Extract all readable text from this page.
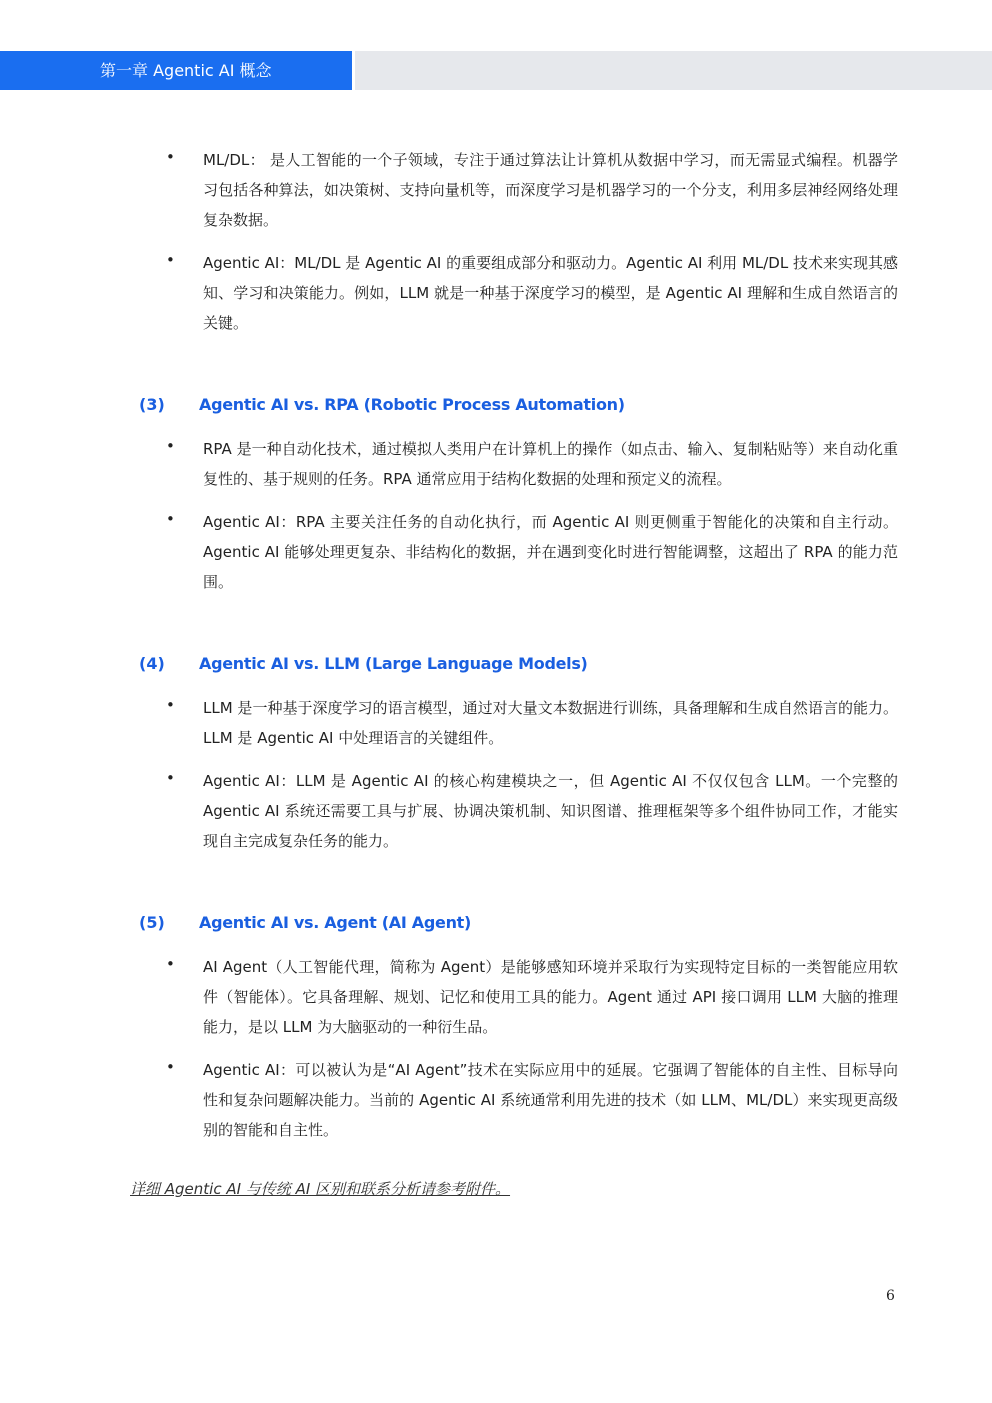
第一章 Agentic AI 概念
• ML/DL： 是人工智能的一个子领域，专注于通过算法让计算机从数据中学习，而无需显式编程。机器学习包括各种算法，如决策树、支持向量机等，而深度学习是机器学习的一个分支，利用多层神经网络处理复杂数据。
• Agentic AI：ML/DL 是 Agentic AI 的重要组成部分和驱动力。Agentic AI 利用 ML/DL 技术来实现其感知、学习和决策能力。例如，LLM 就是一种基于深度学习的模型，是 Agentic AI 理解和生成自然语言的关键。
(3) Agentic AI vs. RPA (Robotic Process Automation)
• RPA 是一种自动化技术，通过模拟人类用户在计算机上的操作（如点击、输入、复制粘贴等）来自动化重复性的、基于规则的任务。RPA 通常应用于结构化数据的处理和预定义的流程。
• Agentic AI：RPA 主要关注任务的自动化执行，而 Agentic AI 则更侧重于智能化的决策和自主行动。Agentic AI 能够处理更复杂、非结构化的数据，并在遇到变化时进行智能调整，这超出了 RPA 的能力范围。
(4) Agentic AI vs. LLM (Large Language Models)
• LLM 是一种基于深度学习的语言模型，通过对大量文本数据进行训练，具备理解和生成自然语言的能力。LLM 是 Agentic AI 中处理语言的关键组件。
• Agentic AI：LLM 是 Agentic AI 的核心构建模块之一，但 Agentic AI 不仅仅包含 LLM。一个完整的 Agentic AI 系统还需要工具与扩展、协调决策机制、知识图谱、推理框架等多个组件协同工作，才能实现自主完成复杂任务的能力。
(5) Agentic AI vs. Agent (AI Agent)
• AI Agent（人工智能代理，简称为 Agent）是能够感知环境并采取行为实现特定目标的一类智能应用软件（智能体）。它具备理解、规划、记忆和使用工具的能力。Agent 通过 API 接口调用 LLM 大脑的推理能力，是以 LLM 为大脑驱动的一种衍生品。
• Agentic AI：可以被认为是“AI Agent”技术在实际应用中的延展。它强调了智能体的自主性、目标导向性和复杂问题解决能力。当前的 Agentic AI 系统通常利用先进的技术（如 LLM、ML/DL）来实现更高级别的智能和自主性。
详细 Agentic AI 与传统 AI 区别和联系分析请参考附件。
6
